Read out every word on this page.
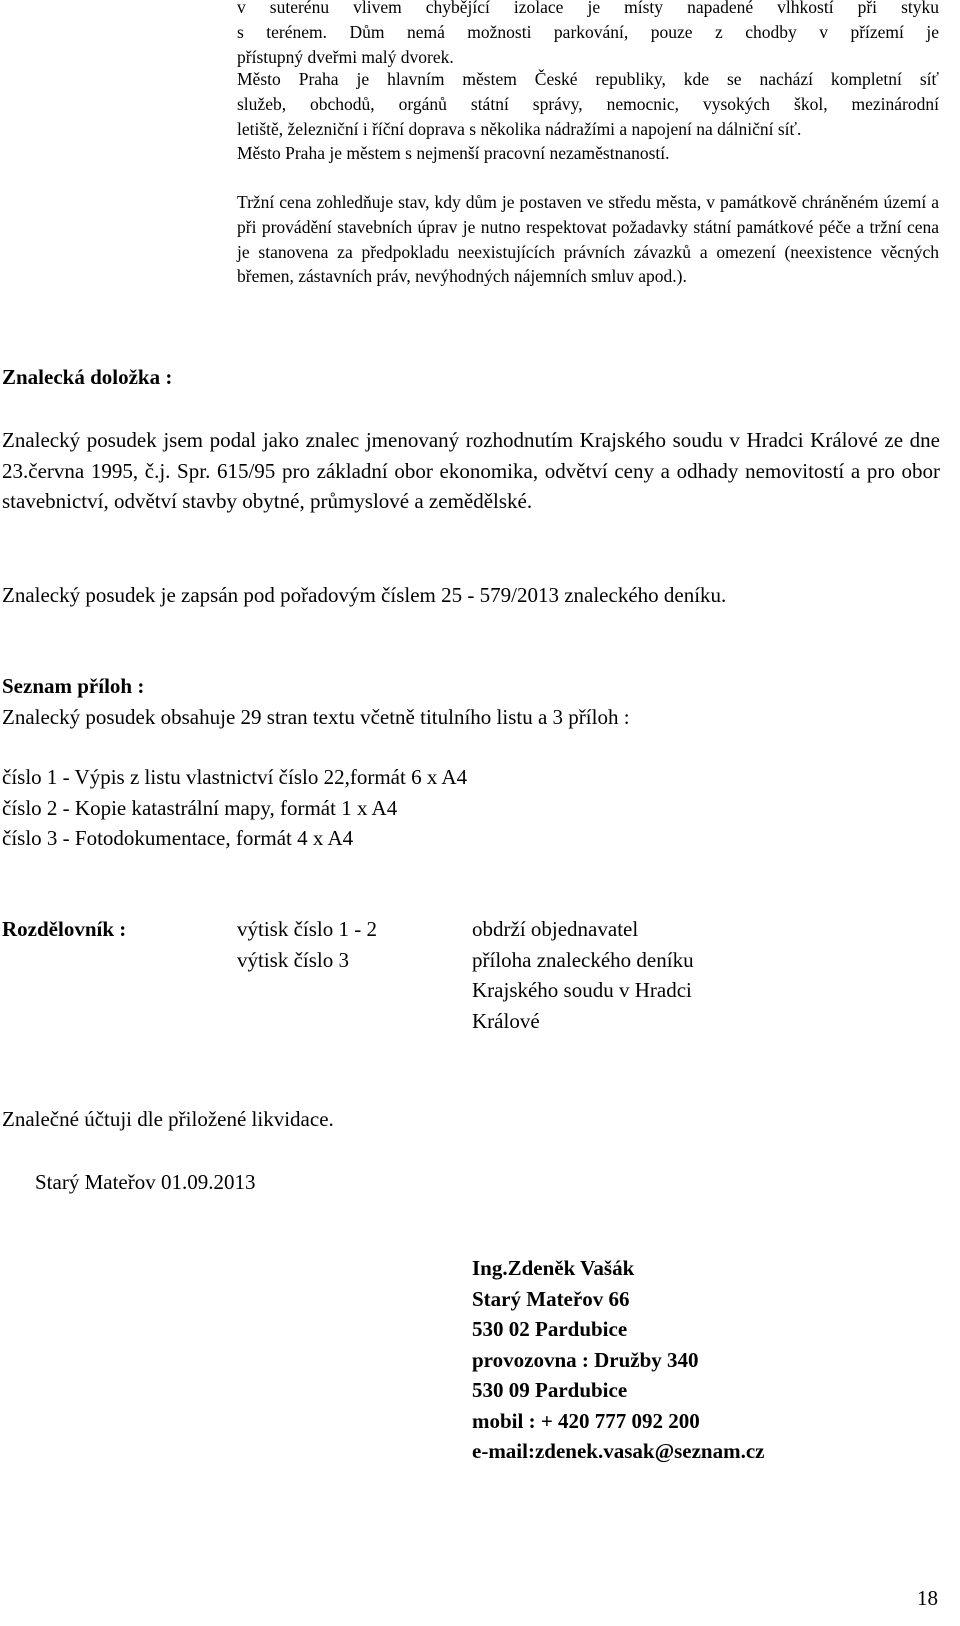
v suterénu vlivem chybějící izolace je místy napadené vlhkostí při styku
s terénem. Dům nemá možnosti parkování, pouze z chodby v přízemí je
přístupný dveřmi malý dvorek.
Město Praha je hlavním městem České republiky, kde se nachází kompletní síť
služeb, obchodů, orgánů státní správy, nemocnic, vysokých škol, mezinárodní
letiště, železniční i říční doprava s několika nádražími a napojení na dálniční síť.
Město Praha je městem s nejmenší pracovní nezaměstnaností.

Tržní cena zohledňuje stav, kdy dům je postaven ve středu města, v památkově chráněném území a při provádění stavebních úprav je nutno respektovat požadavky státní památkové péče a tržní cena je stanovena za předpokladu neexistujících právních závazků a omezení (neexistence věcných břemen, zástavních práv, nevýhodných nájemních smluv apod.).

Znalecká doložka :

Znalecký posudek jsem podal jako znalec jmenovaný rozhodnutím Krajského soudu v Hradci Králové ze dne 23.června 1995, č.j. Spr. 615/95 pro základní obor ekonomika, odvětví ceny a odhady nemovitostí a pro obor stavebnictví, odvětví stavby obytné, průmyslové a zemědělské.

Znalecký posudek je zapsán pod pořadovým číslem 25 - 579/2013 znaleckého deníku.

Seznam příloh :

Znalecký posudek obsahuje 29 stran textu včetně titulního listu a 3 příloh :

číslo 1 - Výpis z listu vlastnictví číslo 22,formát 6 x A4
číslo 2 - Kopie katastrální mapy, formát 1 x A4
číslo 3 - Fotodokumentace, formát 4 x A4

Rozdělovník :	výtisk číslo 1 - 2
výtisk číslo 3
obdrží objednavatel
příloha znaleckého deníku
Krajského soudu v Hradci
Králové

Znalečné účtuji dle přiložené likvidace.

Starý Mateřov 01.09.2013

Ing.Zdeněk Vašák
Starý Mateřov 66
530 02 Pardubice
provozovna : Družby 340
530 09 Pardubice
mobil : + 420 777 092 200
e-mail:zdenek.vasak@seznam.cz
18
